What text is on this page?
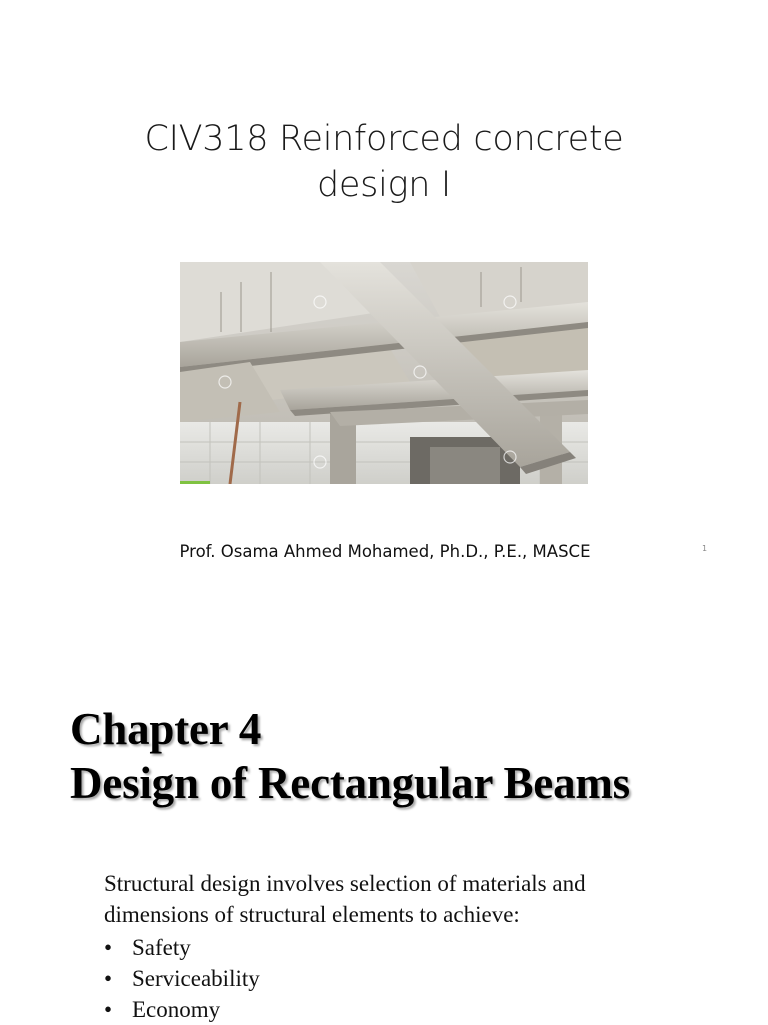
CIV318 Reinforced concrete
design I

Prof. Osama Ahmed Mohamed, Ph.D., P.E., MASCE	1
Chapter 4
Design of Rectangular Beams

Structural design involves selection of materials and dimensions of structural elements to achieve:

• Safety
• Serviceability
• Economy
